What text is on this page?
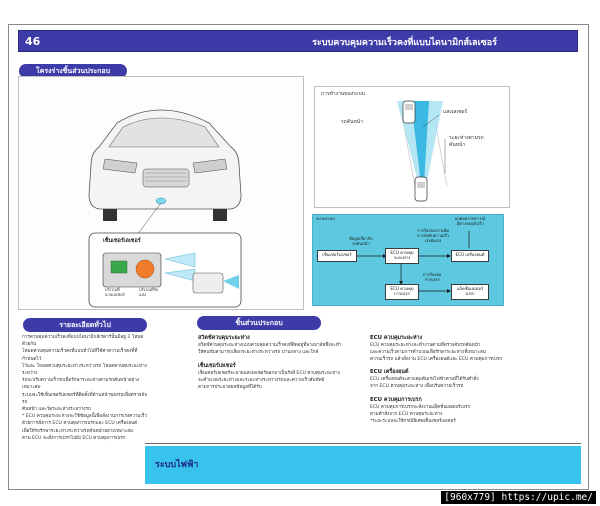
46	ระบบควบคุมความเร็วคงที่แบบไดนามิกส์เลเซอร์
โครงร่างชิ้นส่วนประกอบ
เซ็นเซอร์เลเซอร์
บริเวณที่
ฉายเลเซอร์
บริเวณที่รับ
แสง
การทำงานของระบบ
แสงเลเซอร์
รถคันหน้า
ระยะห่างตามรถ
คันหน้า
ระบบระบบ	ผลต่อสภาพการณ์
มีทางรอบตัวเร็ว
เซ็นเซอร์เลเซอร์
ข้อมูลเกี่ยวกับ
รถคันหน้า
ECU ควบคุม
ระยะห่าง
ECU เครื่องยนต์
การร้องขอการเพิ่ม
การบังคับความเร็ว
เร่งคันเร่ง
การร้องขอ
การเบรก
ECU ควบคุม
การเบรก
แอ็คชั่นเอเตอร์
เบรก
รายละเอียดทั่วไป
การควบคุมความเร็วคงที่แบบไดนามิกส์เรดาร์นั้นมีอยู่ 2 โหมดด้วยกัน
โหมดควบคุมความเร็วคงที่แบบทั่วไปที่ใช้ค่าความเร็วคงที่ที่กำหนดไว้
ไว้และ โหมดควบคุมระยะห่างระหว่างรถ โหมดควบคุมระยะห่างระหว่าง
รถจะปรับความเร็วรถเพื่อรักษาระยะห่างตามรถคันหน้าอย่างเหมาะสม
ระบบจะใช้เซ็นเซอร์เลเซอร์ที่ติดตั้งที่ด้านหน้าของรถเพื่อตรวจจับรถ
คันหน้า และวัดระยะห่างระหว่างรถ
* ECU ควบคุมระยะห่างจะใช้ข้อมูลนี้เพื่อสั่งงานการเร่งความเร็ว
ด้วยการสั่งการ ECU ควบคุมการเบรกและ ECU เครื่องยนต์
เพื่อให้รถรักษาระยะห่างระหว่างรถคันหน้าอย่างเหมาะสม
ตาม ECU จะสั่งการเบรกไปยัง ECU ควบคุมการเบรก
ชิ้นส่วนประกอบ
สวิตช์ควบคุมระยะห่าง
สวิตช์ควบคุมระยะห่างแบบควบคุมความเร็วคงที่ติดอยู่ที่พวงมาลัยซึ่งจะทำ
ให้คนขับสามารถเลือกระยะห่างระหว่างรถ ปานกลาง และใกล้
เซ็นเซอร์เลเซอร์
เซ็นเซอร์เลเซอร์จะฉายแสงเลเซอร์ออกมาเป็นรังสี ECU ควบคุมระยะห่าง
จะคำนวณระยะห่างและระยะห่างระหว่างรถและความเร็วสัมพัทธ์
ตามการประมวลผลข้อมูลที่ได้รับ
ECU ควบคุมระยะห่าง
ECU ควบคุมระยะห่างจะทำงานตามที่ตรวจจับรถคันหน้า
และความเร็วตามการคำนวณเพื่อรักษาระยะห่างที่เหมาะสม
ความเร็วรถ แล้วสั่งงาน ECU เครื่องยนต์และ ECU ควบคุมการเบรก
ECU เครื่องยนต์
ECU เครื่องยนต์จะควบคุมคันเร่งไฟฟ้าตามที่ได้รับคำสั่ง
จาก ECU ควบคุมระยะห่าง เพื่อปรับความเร็วรถ
ECU ควบคุมการเบรก
ECU ควบคุมการเบรกจะสั่งงานแอ็คชั่นเอเตอร์เบรก
ตามคำสั่งจาก ECU ควบคุมระยะห่าง
*ระยะระบบจะใช้กรณีพิเศษเซ็นเซอร์เลเซอร์
ระบบไฟฟ้า
[960x779] https://upic.me/
